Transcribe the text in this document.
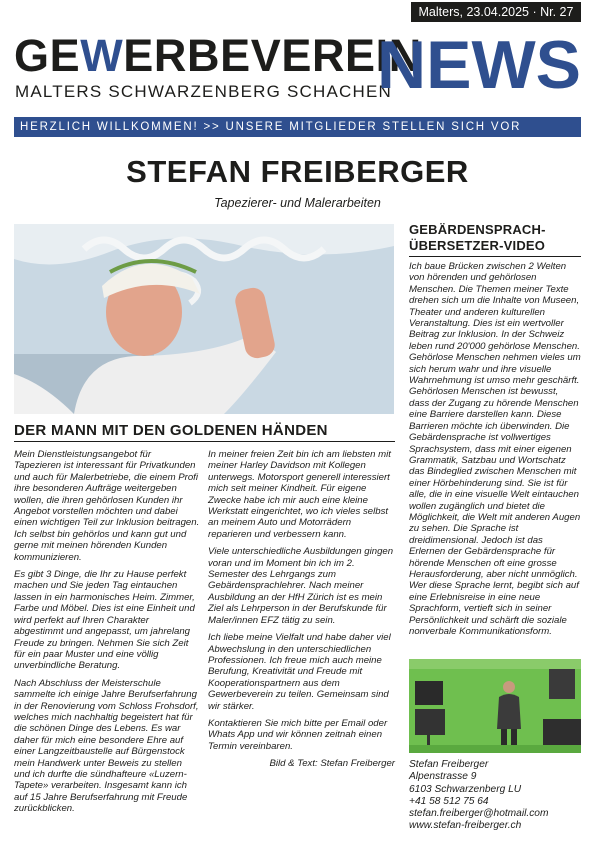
Malters, 23.04.2025 · Nr. 27
GEWERBEVEREIN
MALTERS SCHWARZENBERG SCHACHEN
NEWS
HERZLICH WILLKOMMEN! >> UNSERE MITGLIEDER STELLEN SICH VOR
STEFAN FREIBERGER
Tapezierer- und Malerarbeiten
DER MANN MIT DEN GOLDENEN HÄNDEN

Mein Dienstleistungsangebot für Tapezieren ist interessant für Privatkunden und auch für Malerbetriebe, die einem Profi ihre besonderen Aufträge weitergeben wollen, die ihren gehörlosen Kunden ihr Angebot vorstellen möchten und dabei einen wichtigen Teil zur Inklusion beitragen. Ich selbst bin gehörlos und kann gut und gerne mit meinen hörenden Kunden kommunizieren.

Es gibt 3 Dinge, die Ihr zu Hause perfekt machen und Sie jeden Tag eintauchen lassen in ein harmonisches Heim. Zimmer, Farbe und Möbel. Dies ist eine Einheit und wird perfekt auf Ihren Charakter abgestimmt und angepasst, um jahrelang Freude zu bringen. Nehmen Sie sich Zeit für ein paar Muster und eine völlig unverbindliche Beratung.

Nach Abschluss der Meisterschule sammelte ich einige Jahre Berufserfahrung in der Renovierung vom Schloss Frohsdorf, welches mich nachhaltig begeistert hat für die schönen Dinge des Lebens. Es war daher für mich eine besondere Ehre auf einer Langzeitbaustelle auf Bürgenstock mein Handwerk unter Beweis zu stellen und ich durfte die sündhafteure «Luzern-Tapete» verarbeiten. Insgesamt kann ich auf 15 Jahre Berufserfahrung mit Freude zurückblicken.

In meiner freien Zeit bin ich am liebsten mit meiner Harley Davidson mit Kollegen unterwegs. Motorsport generell interessiert mich seit meiner Kindheit. Für eigene Zwecke habe ich mir auch eine kleine Werkstatt eingerichtet, wo ich vieles selbst an meinem Auto und Motorrädern reparieren und verbessern kann.

Viele unterschiedliche Ausbildungen gingen voran und im Moment bin ich im 2. Semester des Lehrgangs zum Gebärdensprachlehrer. Nach meiner Ausbildung an der HfH Zürich ist es mein Ziel als Lehrperson in der Berufskunde für Maler/innen EFZ tätig zu sein.

Ich liebe meine Vielfalt und habe daher viel Abwechslung in den unterschiedlichen Professionen. Ich freue mich auch meine Berufung, Kreativität und Freude mit Kooperationspartnern aus dem Gewerbeverein zu teilen. Gemeinsam sind wir stärker.

Kontaktieren Sie mich bitte per Email oder Whats App und wir können zeitnah einen Termin vereinbaren.

Bild & Text: Stefan Freiberger
GEBÄRDENSPRACH-ÜBERSETZER-VIDEO

Ich baue Brücken zwischen 2 Welten von hörenden und gehörlosen Menschen. Die Themen meiner Texte drehen sich um die Inhalte von Museen, Theater und anderen kulturellen Veranstaltung. Dies ist ein wertvoller Beitrag zur Inklusion. In der Schweiz leben rund 20'000 gehörlose Menschen. Gehörlose Menschen nehmen vieles um sich herum wahr und ihre visuelle Wahrnehmung ist umso mehr geschärft. Gehörlosen Menschen ist bewusst, dass der Zugang zu hörende Menschen eine Barriere darstellen kann. Diese Barrieren möchte ich überwinden. Die Gebärdensprache ist vollwertiges Sprachsystem, dass mit einer eigenen Grammatik, Satzbau und Wortschatz das Bindeglied zwischen Menschen mit einer Hörbehinderung sind. Sie ist für alle, die in eine visuelle Welt eintauchen wollen zugänglich und bietet die Möglichkeit, die Welt mit anderen Augen zu sehen. Die Sprache ist dreidimensional. Jedoch ist das Erlernen der Gebärdensprache für hörende Menschen oft eine grosse Herausforderung, aber nicht unmöglich. Wer diese Sprache lernt, begibt sich auf eine Erlebnisreise in eine neue Sprachform, vertieft sich in seiner Persönlichkeit und schärft die soziale nonverbale Kommunikationsform.

Stefan Freiberger
Alpenstrasse 9
6103 Schwarzenberg LU
+41 58 512 75 64
stefan.freiberger@hotmail.com
www.stefan-freiberger.ch
